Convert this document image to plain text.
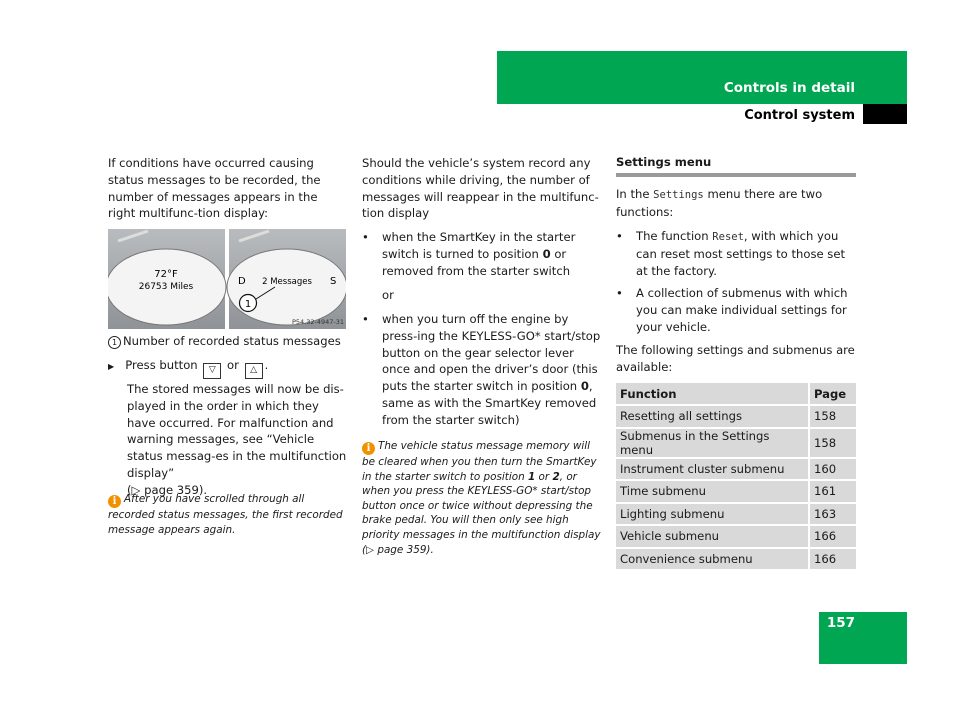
Controls in detail
Control system
If conditions have occurred causing status messages to be recorded, the number of messages appears in the right multifunc-tion display:
72°F
26753 Miles	D 2 Messages S
1
P54.32-4947-31
1 Number of recorded status messages
▶ Press button ▽ or △ .
The stored messages will now be dis-played in the order in which they have occurred. For malfunction and warning messages, see “Vehicle status messag-es in the multifunction display”
(▷ page 359).
i After you have scrolled through all recorded status messages, the first recorded message appears again.
Should the vehicle’s system record any conditions while driving, the number of messages will reappear in the multifunc-tion display
• when the SmartKey in the starter switch is turned to position 0 or removed from the starter switch
or
• when you turn off the engine by press-ing the KEYLESS-GO* start/stop button on the gear selector lever once and open the driver’s door (this puts the starter switch in position 0, same as with the SmartKey removed from the starter switch)
i The vehicle status message memory will be cleared when you then turn the SmartKey in the starter switch to position 1 or 2, or when you press the KEYLESS-GO* start/stop button once or twice without depressing the brake pedal. You will then only see high priority messages in the multifunction display (▷ page 359).
Settings menu
In the Settings menu there are two functions:
• The function Reset, with which you can reset most settings to those set at the factory.
• A collection of submenus with which you can make individual settings for your vehicle.
The following settings and submenus are available:
Function	Page
Resetting all settings	158
Submenus in the Settings menu	158
Instrument cluster submenu	160
Time submenu	161
Lighting submenu	163
Vehicle submenu	166
Convenience submenu	166
157
